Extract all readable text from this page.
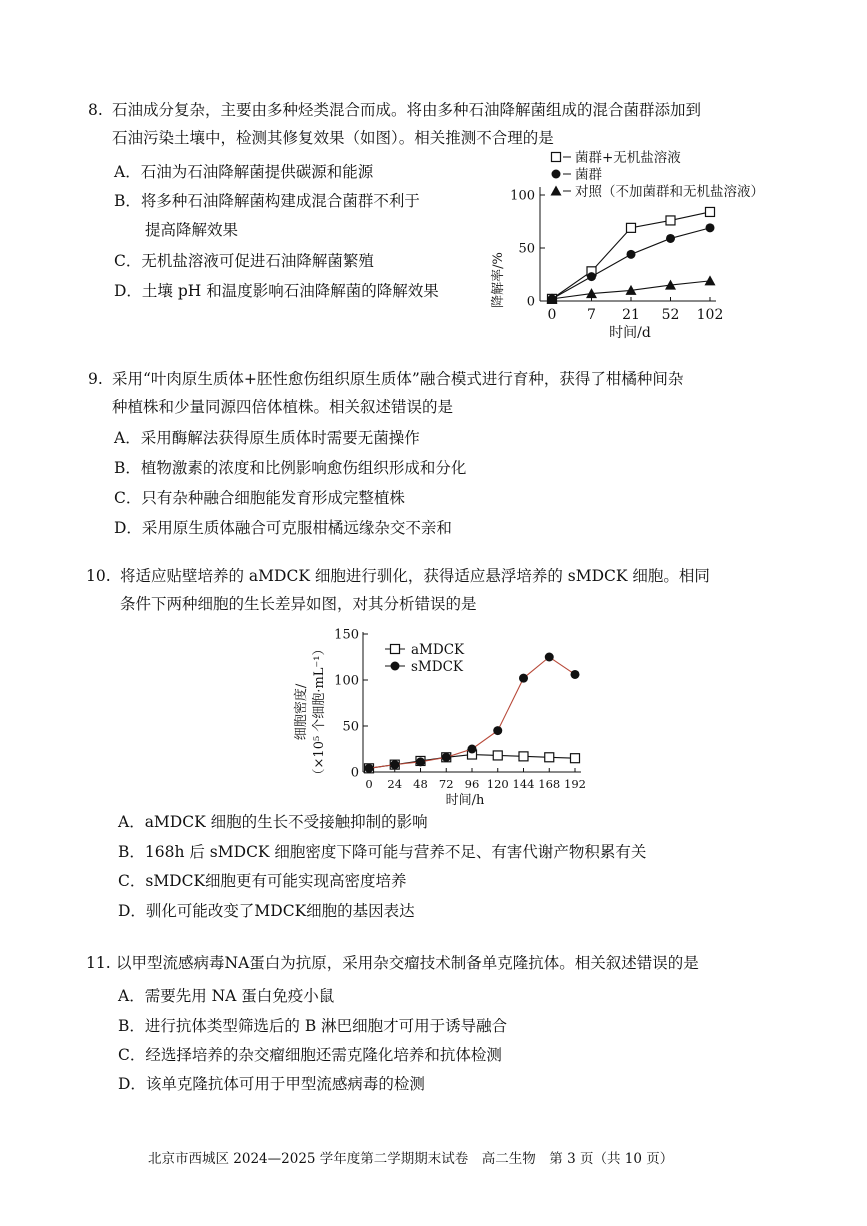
8. 石油成分复杂，主要由多种烃类混合而成。将由多种石油降解菌组成的混合菌群添加到
石油污染土壤中，检测其修复效果（如图）。相关推测不合理的是
A．石油为石油降解菌提供碳源和能源
B．将多种石油降解菌构建成混合菌群不利于
提高降解效果
C．无机盐溶液可促进石油降解菌繁殖
D．土壤 pH 和温度影响石油降解菌的降解效果
菌群+无机盐溶液
菌群
对照（不加菌群和无机盐溶液）
0
50
100
0 7 21 52 102
降解率/%
时间/d
9. 采用“叶肉原生质体+胚性愈伤组织原生质体”融合模式进行育种，获得了柑橘种间杂
种植株和少量同源四倍体植株。相关叙述错误的是
A．采用酶解法获得原生质体时需要无菌操作
B．植物激素的浓度和比例影响愈伤组织形成和分化
C．只有杂种融合细胞能发育形成完整植株
D．采用原生质体融合可克服柑橘远缘杂交不亲和
10. 将适应贴壁培养的 aMDCK 细胞进行驯化，获得适应悬浮培养的 sMDCK 细胞。相同
条件下两种细胞的生长差异如图，对其分析错误的是
aMDCK
sMDCK
0
50
100
150
0 24 48 72 96 120 144 168 192
细胞密度/ （×10⁵ 个细胞·mL⁻¹）
时间/h
A．aMDCK 细胞的生长不受接触抑制的影响
B．168h 后 sMDCK 细胞密度下降可能与营养不足、有害代谢产物积累有关
C．sMDCK细胞更有可能实现高密度培养
D．驯化可能改变了MDCK细胞的基因表达
11. 以甲型流感病毒NA蛋白为抗原，采用杂交瘤技术制备单克隆抗体。相关叙述错误的是
A．需要先用 NA 蛋白免疫小鼠
B．进行抗体类型筛选后的 B 淋巴细胞才可用于诱导融合
C．经选择培养的杂交瘤细胞还需克隆化培养和抗体检测
D．该单克隆抗体可用于甲型流感病毒的检测
北京市西城区 2024—2025 学年度第二学期期末试卷　高二生物　第 3 页（共 10 页）
